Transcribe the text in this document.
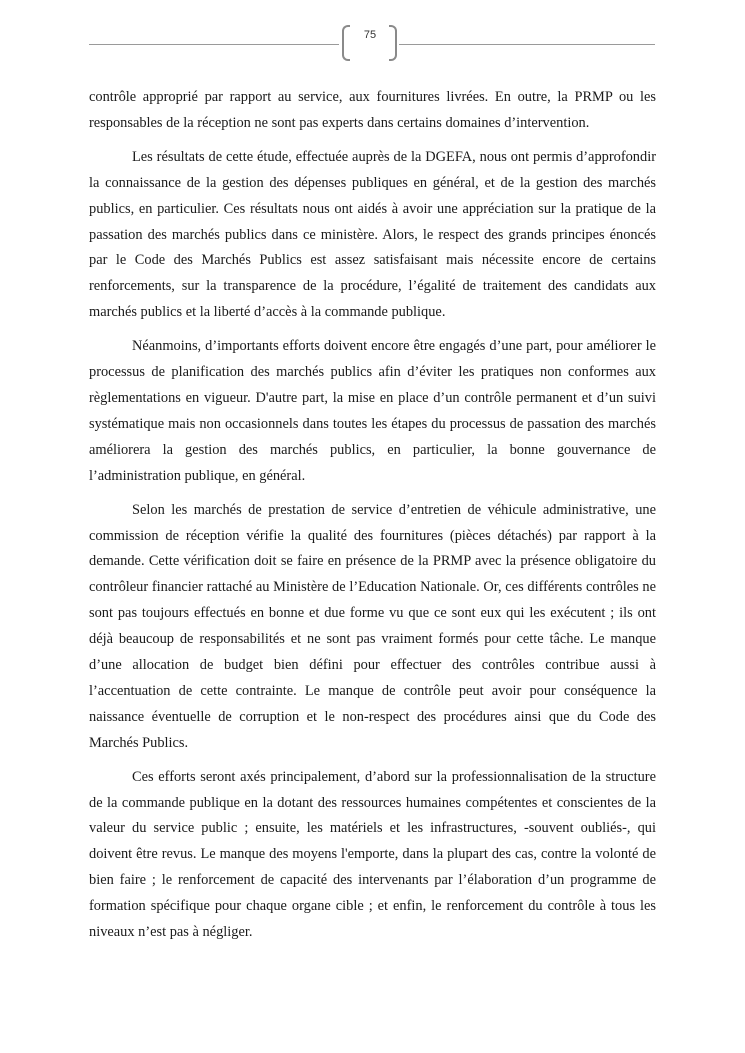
75

contrôle approprié par rapport au service, aux fournitures livrées. En outre, la PRMP ou les responsables de la réception ne sont pas experts dans certains domaines d’intervention.

Les résultats de cette étude, effectuée auprès de la DGEFA, nous ont permis d’approfondir la connaissance de la gestion des dépenses publiques en général, et de la gestion des marchés publics, en particulier. Ces résultats nous ont aidés à avoir une appréciation sur la pratique de la passation des marchés publics dans ce ministère. Alors, le respect des grands principes énoncés par le Code des Marchés Publics est assez satisfaisant mais nécessite encore de certains renforcements, sur la transparence de la procédure, l’égalité de traitement des candidats aux marchés publics et la liberté d’accès à la commande publique.

Néanmoins, d’importants efforts doivent encore être engagés d’une part, pour améliorer le processus de planification des marchés publics afin d’éviter les pratiques non conformes aux règlementations en vigueur. D'autre part, la mise en place d’un contrôle permanent et d’un suivi systématique mais non occasionnels dans toutes les étapes du processus de passation des marchés améliorera la gestion des marchés publics, en particulier, la bonne gouvernance de l’administration publique, en général.

Selon les marchés de prestation de service d’entretien de véhicule administrative, une commission de réception vérifie la qualité des fournitures (pièces détachés) par rapport à la demande. Cette vérification doit se faire en présence de la PRMP avec la présence obligatoire du contrôleur financier rattaché au Ministère de l’Education Nationale. Or, ces différents contrôles ne sont pas toujours effectués en bonne et due forme vu que ce sont eux qui les exécutent ; ils ont déjà beaucoup de responsabilités et ne sont pas vraiment formés pour cette tâche. Le manque d’une allocation de budget bien défini pour effectuer des contrôles contribue aussi à l’accentuation de cette contrainte. Le manque de contrôle peut avoir pour conséquence la naissance éventuelle de corruption et le non-respect des procédures ainsi que du Code des Marchés Publics.

Ces efforts seront axés principalement, d’abord sur la professionnalisation de la structure de la commande publique en la dotant des ressources humaines compétentes et conscientes de la valeur du service public ; ensuite, les matériels et les infrastructures, -souvent oubliés-, qui doivent être revus. Le manque des moyens l'emporte, dans la plupart des cas, contre la volonté de bien faire ; le renforcement de capacité des intervenants par l’élaboration d’un programme de formation spécifique pour chaque organe cible ; et enfin, le renforcement du contrôle à tous les niveaux n’est pas à négliger.
